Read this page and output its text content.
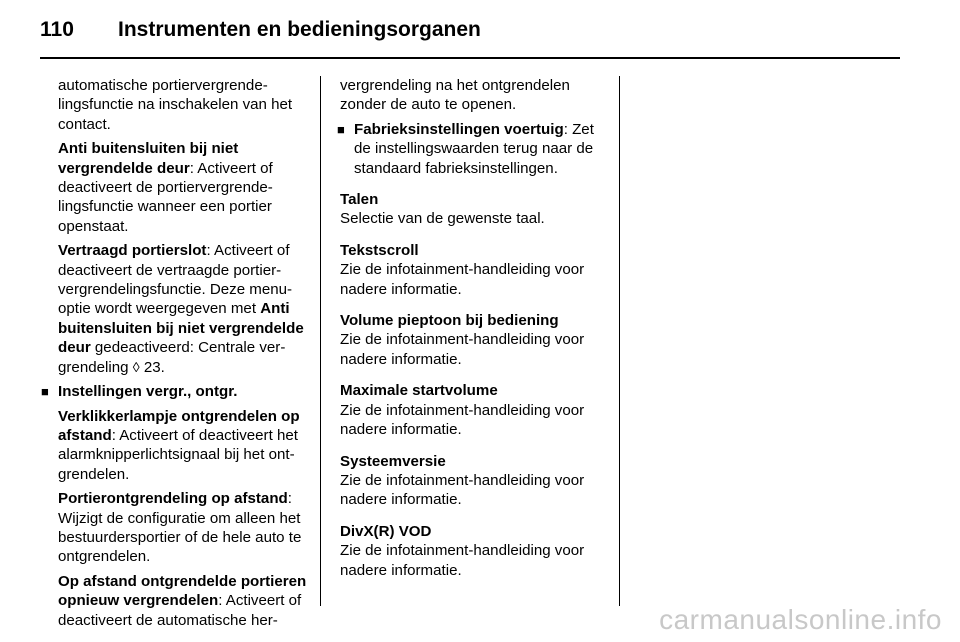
110 Instrumenten en bedieningsorganen

automatische portiervergrende-lingsfunctie na inschakelen van het contact.

Anti buitensluiten bij niet vergrendelde deur: Activeert of deactiveert de portiervergrende-lingsfunctie wanneer een portier openstaat.

Vertraagd portierslot: Activeert of deactiveert de vertraagde portier-vergrendelingsfunctie. Deze menu-optie wordt weergegeven met Anti buitensluiten bij niet vergrendelde deur gedeactiveerd: Centrale ver-grendeling ◊ 23.

■ Instellingen vergr., ontgr.

Verklikkerlampje ontgrendelen op afstand: Activeert of deactiveert het alarmknipperlichtsignaal bij het ont-grendelen.

Portierontgrendeling op afstand: Wijzigt de configuratie om alleen het bestuurdersportier of de hele auto te ontgrendelen.

Op afstand ontgrendelde portieren opnieuw vergrendelen: Activeert of deactiveert de automatische her-

vergrendeling na het ontgrendelen zonder de auto te openen.

■ Fabrieksinstellingen voertuig: Zet de instellingswaarden terug naar de standaard fabrieksinstellingen.

Talen

Selectie van de gewenste taal.

Tekstscroll

Zie de infotainment-handleiding voor nadere informatie.

Volume pieptoon bij bediening

Zie de infotainment-handleiding voor nadere informatie.

Maximale startvolume

Zie de infotainment-handleiding voor nadere informatie.

Systeemversie

Zie de infotainment-handleiding voor nadere informatie.

DivX(R) VOD

Zie de infotainment-handleiding voor nadere informatie.

carmanualsonline.info
